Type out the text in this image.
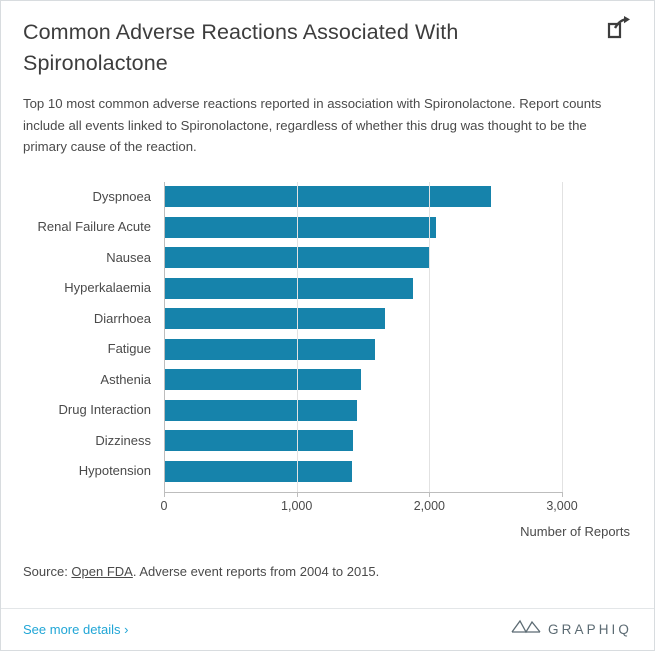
Common Adverse Reactions Associated With Spironolactone
Top 10 most common adverse reactions reported in association with Spironolactone. Report counts include all events linked to Spironolactone, regardless of whether this drug was thought to be the primary cause of the reaction.
Dyspnoea
Renal Failure Acute
Nausea
Hyperkalaemia
Diarrhoea
Fatigue
Asthenia
Drug Interaction
Dizziness
Hypotension
Number of Reports
0	1,000	2,000	3,000
Source: Open FDA. Adverse event reports from 2004 to 2015.
See more details ›	GRAPHIQ
